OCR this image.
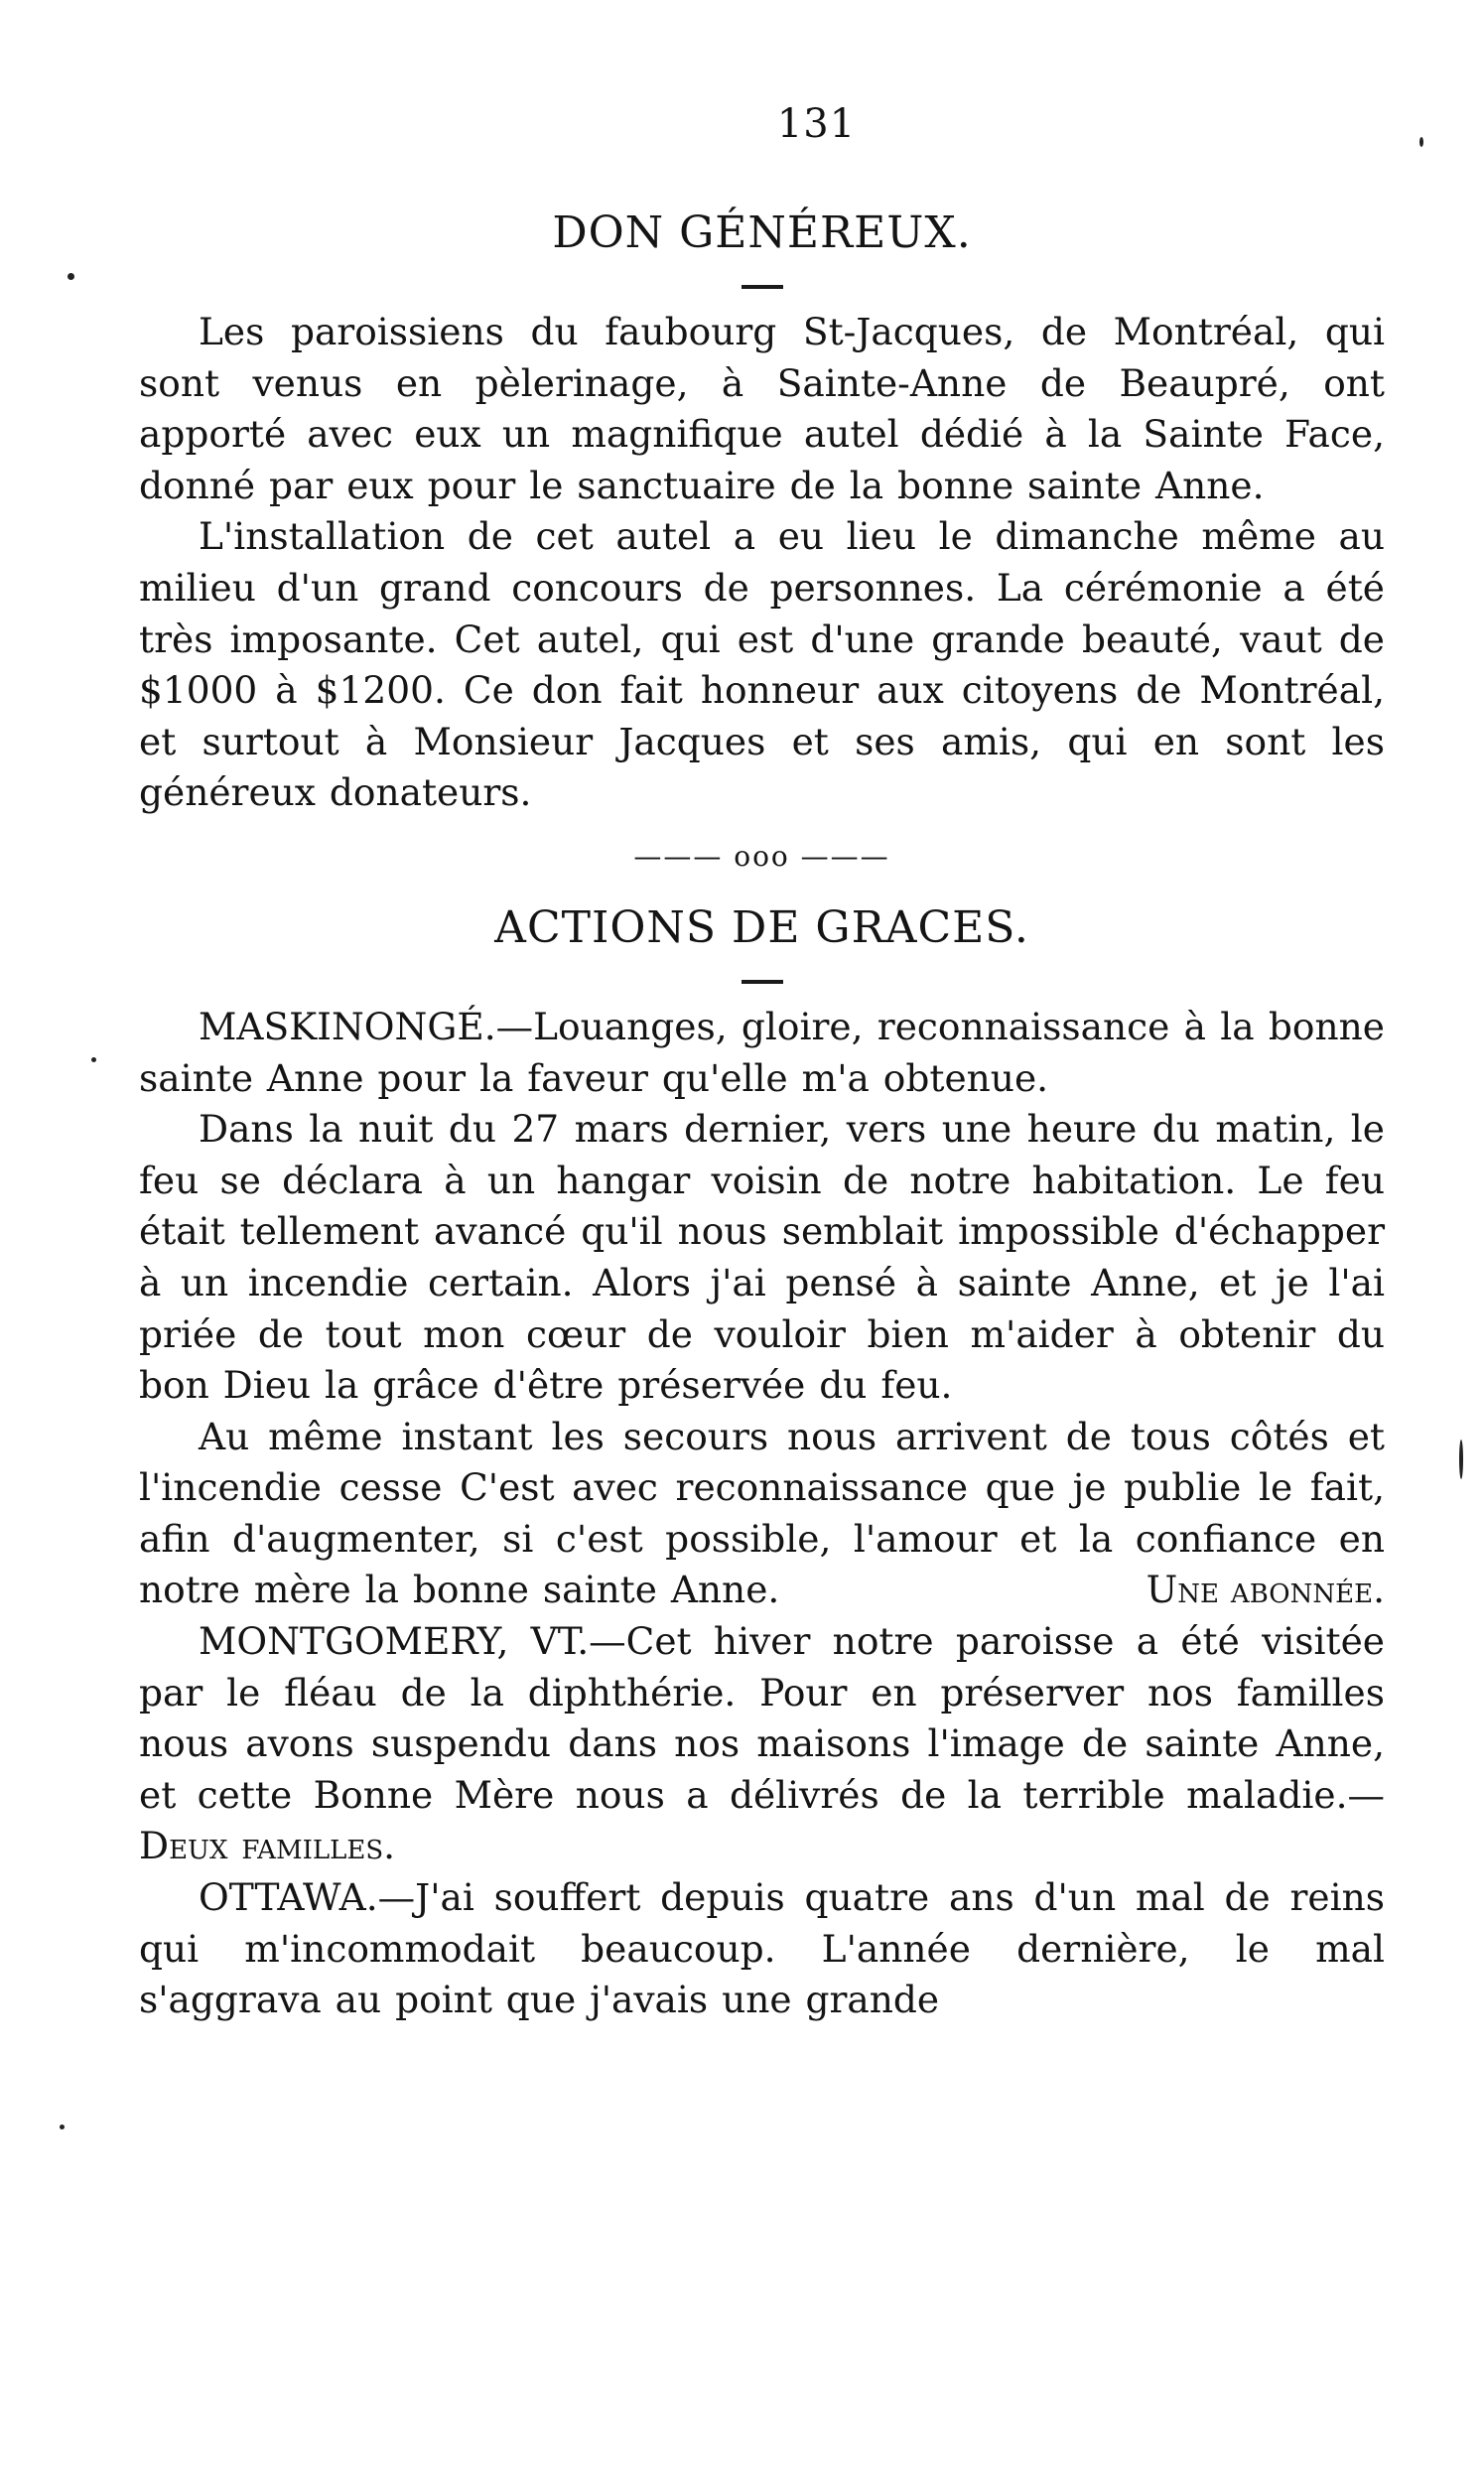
131
DON GÉNÉREUX.

Les paroissiens du faubourg St-Jacques, de Montréal, qui sont venus en pèlerinage, à Sainte-Anne de Beaupré, ont apporté avec eux un magnifique autel dédié à la Sainte Face, donné par eux pour le sanctuaire de la bonne sainte Anne.

L'installation de cet autel a eu lieu le dimanche même au milieu d'un grand concours de personnes. La cérémonie a été très imposante. Cet autel, qui est d'une grande beauté, vaut de $1000 à $1200. Ce don fait honneur aux citoyens de Montréal, et surtout à Monsieur Jacques et ses amis, qui en sont les généreux donateurs.

——— ooo ———
ACTIONS DE GRACES.

MASKINONGÉ.—Louanges, gloire, reconnaissance à la bonne sainte Anne pour la faveur qu'elle m'a obtenue.

Dans la nuit du 27 mars dernier, vers une heure du matin, le feu se déclara à un hangar voisin de notre habitation. Le feu était tellement avancé qu'il nous semblait impossible d'échapper à un incendie certain. Alors j'ai pensé à sainte Anne, et je l'ai priée de tout mon cœur de vouloir bien m'aider à obtenir du bon Dieu la grâce d'être préservée du feu.

Au même instant les secours nous arrivent de tous côtés et l'incendie cesse C'est avec reconnaissance que je publie le fait, afin d'augmenter, si c'est possible, l'amour et la confiance en notre mère la bonne sainte Anne.	Une abonnée.

MONTGOMERY, VT.—Cet hiver notre paroisse a été visitée par le fléau de la diphthérie. Pour en préserver nos familles nous avons suspendu dans nos maisons l'image de sainte Anne, et cette Bonne Mère nous a délivrés de la terrible maladie.—Deux familles.

OTTAWA.—J'ai souffert depuis quatre ans d'un mal de reins qui m'incommodait beaucoup. L'année dernière, le mal s'aggrava au point que j'avais une grande
